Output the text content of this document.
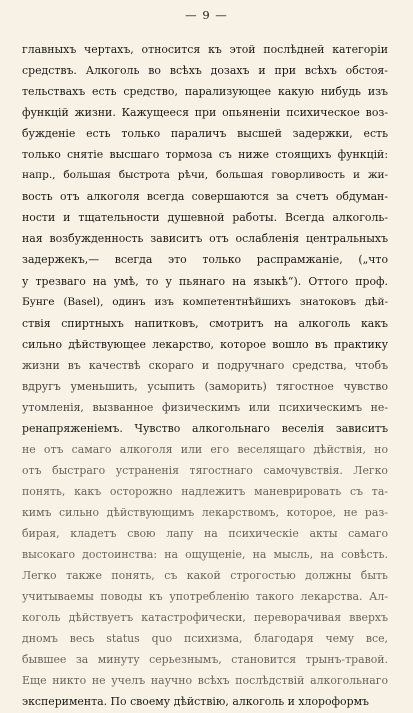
— 9 —
главныхъ чертахъ, относится къ этой послѣдней категоріи
средствъ. Алкоголь во всѣхъ дозахъ и при всѣхъ обстоя-
тельствахъ есть средство, парализующее какую нибудь изъ
функцій жизни. Кажущееся при опьяненіи психическое воз-
бужденіе есть только параличъ высшей задержки, есть
только снятіе высшаго тормоза съ ниже стоящихъ функцій:
напр., большая быстрота рѣчи, большая говорливость и жи-
вость отъ алкоголя всегда совершаются за счетъ обдуман-
ности и тщательности душевной работы. Всегда алкоголь-
ная возбужденность зависитъ отъ ослабленія центральныхъ
задержекъ,— всегда это только распрамжаніе, („что
у трезваго на умѣ, то у пьянаго на языкѣ“). Оттого проф.
Бунге (Basel), одинъ изъ компетентнѣйшихъ знатоковъ дѣй-
ствія спиртныхъ напитковъ, смотритъ на алкоголь какъ
сильно дѣйствующее лекарство, которое вошло въ практику
жизни въ качествѣ скораго и подручнаго средства, чтобъ
вдругъ уменьшить, усыпить (заморить) тягостное чувство
утомленія, вызванное физическимъ или психическимъ не-
ренапряженіемъ. Чувство алкогольнаго веселія зависитъ
не отъ самаго алкоголя или его веселящаго дѣйствія, но
отъ быстраго устраненія тягостнаго самочувствія. Легко
понять, какъ осторожно надлежитъ маневрировать съ та-
кимъ сильно дѣйствующимъ лекарствомъ, которое, не раз-
бирая, кладетъ свою лапу на психическіе акты самаго
высокаго достоинства: на ощущеніе, на мысль, на совѣсть.
Легко также понять, съ какой строгостью должны быть
учитываемы поводы къ употребленію такого лекарства. Ал-
коголь дѣйствуетъ катастрофически, переворачивая вверхъ
дномъ весь status quo психизма, благодаря чему все,
бывшее за минуту серьезнымъ, становится трынъ-травой.
Еще никто не учелъ научно всѣхъ послѣдствій алкогольнаго
эксперимента. По своему дѣйствію, алкоголь и хлороформъ
